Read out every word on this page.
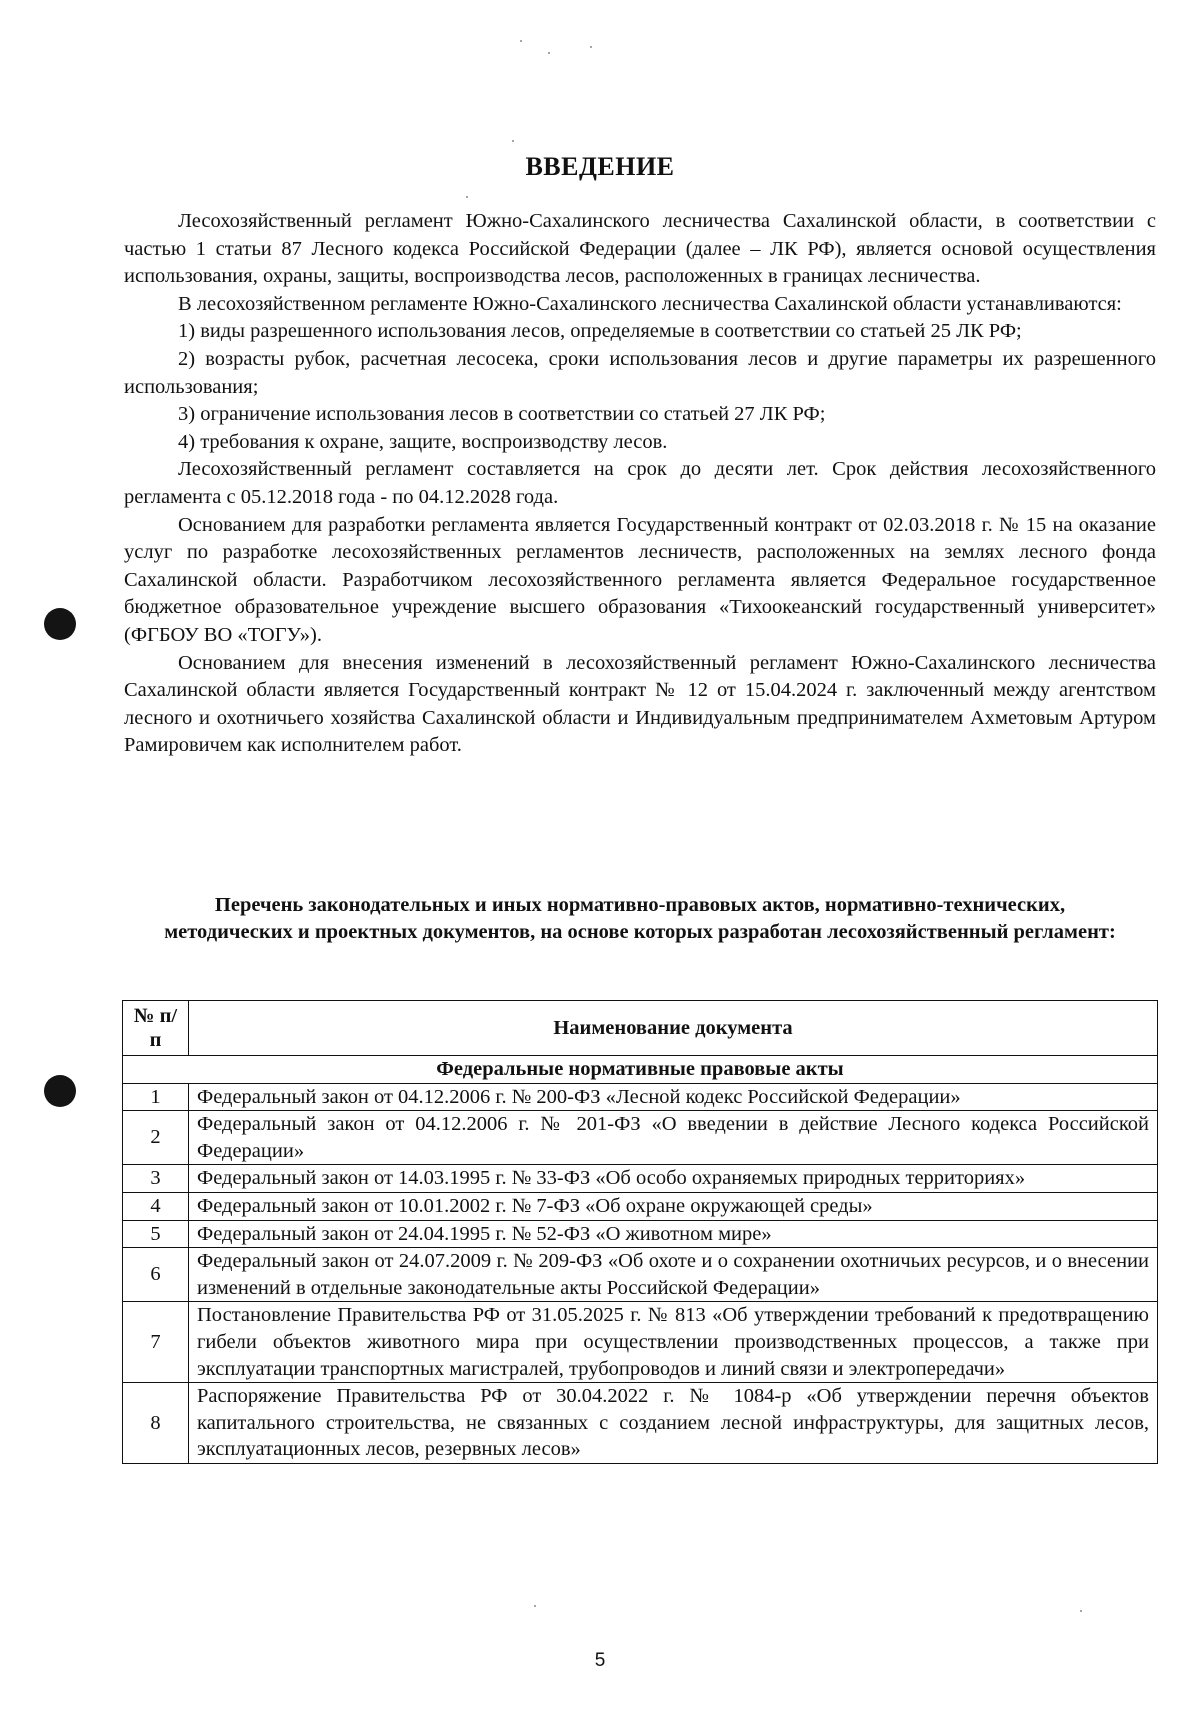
ВВЕДЕНИЕ

Лесохозяйственный регламент Южно-Сахалинского лесничества Сахалинской области, в соответствии с частью 1 статьи 87 Лесного кодекса Российской Федерации (далее – ЛК РФ), является основой осуществления использования, охраны, защиты, воспроизводства лесов, расположенных в границах лесничества.

В лесохозяйственном регламенте Южно-Сахалинского лесничества Сахалинской области устанавливаются:

1) виды разрешенного использования лесов, определяемые в соответствии со статьей 25 ЛК РФ;

2) возрасты рубок, расчетная лесосека, сроки использования лесов и другие параметры их разрешенного использования;

3) ограничение использования лесов в соответствии со статьей 27 ЛК РФ;

4) требования к охране, защите, воспроизводству лесов.

Лесохозяйственный регламент составляется на срок до десяти лет. Срок действия лесохозяйственного регламента с 05.12.2018 года - по 04.12.2028 года.

Основанием для разработки регламента является Государственный контракт от 02.03.2018 г. № 15 на оказание услуг по разработке лесохозяйственных регламентов лесничеств, расположенных на землях лесного фонда Сахалинской области. Разработчиком лесохозяйственного регламента является Федеральное государственное бюджетное образовательное учреждение высшего образования «Тихоокеанский государственный университет» (ФГБОУ ВО «ТОГУ»).

Основанием для внесения изменений в лесохозяйственный регламент Южно-Сахалинского лесничества Сахалинской области является Государственный контракт № 12 от 15.04.2024 г. заключенный между агентством лесного и охотничьего хозяйства Сахалинской области и Индивидуальным предпринимателем Ахметовым Артуром Рамировичем как исполнителем работ.

Перечень законодательных и иных нормативно-правовых актов, нормативно-технических, методических и проектных документов, на основе которых разработан лесохозяйственный регламент:
№ п/п	Наименование документа
Федеральные нормативные правовые акты	
1	Федеральный закон от 04.12.2006 г. № 200-ФЗ «Лесной кодекс Российской Федерации»
2	Федеральный закон от 04.12.2006 г. № 201-ФЗ «О введении в действие Лесного кодекса Российской Федерации»
3	Федеральный закон от 14.03.1995 г. № 33-ФЗ «Об особо охраняемых природных территориях»
4	Федеральный закон от 10.01.2002 г. № 7-ФЗ «Об охране окружающей среды»
5	Федеральный закон от 24.04.1995 г. № 52-ФЗ «О животном мире»
6	Федеральный закон от 24.07.2009 г. № 209-ФЗ «Об охоте и о сохранении охотничьих ресурсов, и о внесении изменений в отдельные законодательные акты Российской Федерации»
7	Постановление Правительства РФ от 31.05.2025 г. № 813 «Об утверждении требований к предотвращению гибели объектов животного мира при осуществлении производственных процессов, а также при эксплуатации транспортных магистралей, трубопроводов и линий связи и электропередачи»
8	Распоряжение Правительства РФ от 30.04.2022 г. № 1084-р «Об утверждении перечня объектов капитального строительства, не связанных с созданием лесной инфраструктуры, для защитных лесов, эксплуатационных лесов, резервных лесов»
5
